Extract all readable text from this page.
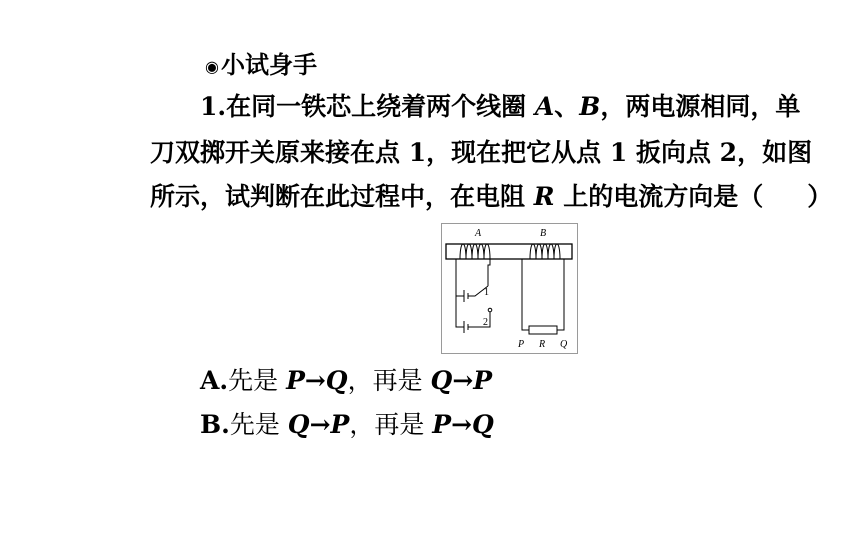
◉小试身手
1.在同一铁芯上绕着两个线圈 A、B，两电源相同，单
刀双掷开关原来接在点 1，现在把它从点 1 扳向点 2，如图
所示，试判断在此过程中，在电阻 R 上的电流方向是（ ）
A	B
1
2
P R Q
A.先是 P→Q，再是 Q→P
B.先是 Q→P，再是 P→Q
